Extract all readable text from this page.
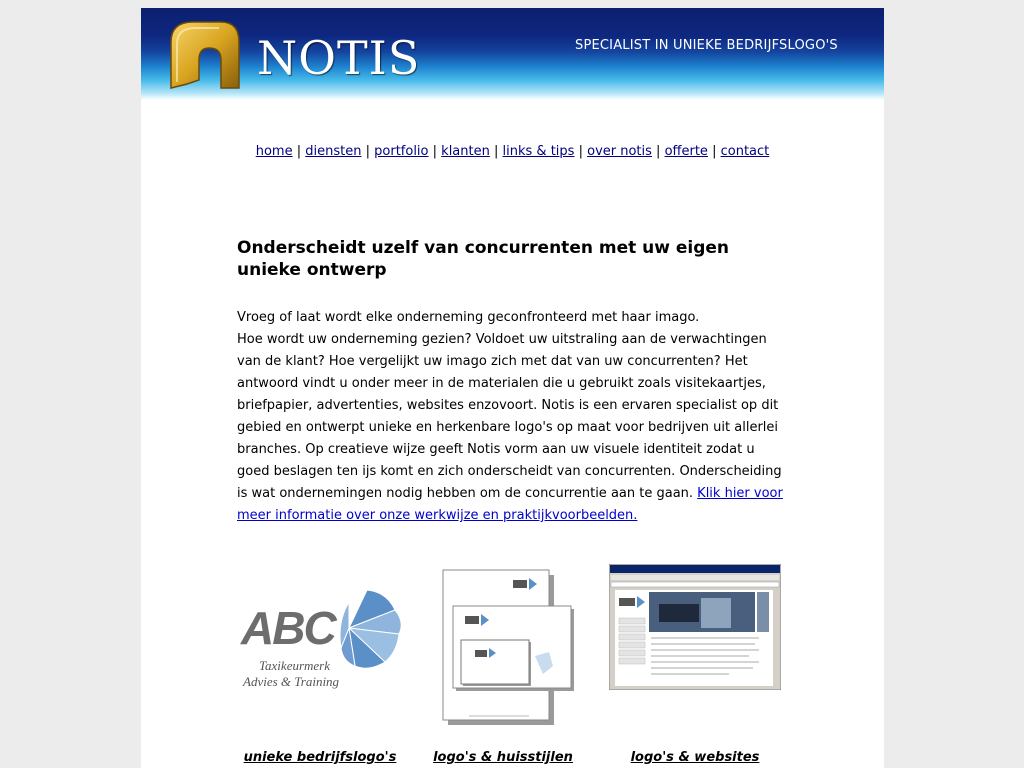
NOTIS	SPECIALIST IN UNIEKE BEDRIJFSLOGO'S
home | diensten | portfolio | klanten | links & tips | over notis | offerte | contact
Onderscheidt uzelf van concurrenten met uw eigen unieke ontwerp

Vroeg of laat wordt elke onderneming geconfronteerd met haar imago.
Hoe wordt uw onderneming gezien? Voldoet uw uitstraling aan de verwachtingen van de klant? Hoe vergelijkt uw imago zich met dat van uw concurrenten? Het antwoord vindt u onder meer in de materialen die u gebruikt zoals visitekaartjes, briefpapier, advertenties, websites enzovoort. Notis is een ervaren specialist op dit gebied en ontwerpt unieke en herkenbare logo's op maat voor bedrijven uit allerlei branches. Op creatieve wijze geeft Notis vorm aan uw visuele identiteit zodat u goed beslagen ten ijs komt en zich onderscheidt van concurrenten. Onderscheiding is wat ondernemingen nodig hebben om de concurrentie aan te gaan. Klik hier voor meer informatie over onze werkwijze en praktijkvoorbeelden.

ABC
Taxikeurmerk
Advies & Training
unieke bedrijfslogo's	logo's & huisstijlen	logo's & websites
